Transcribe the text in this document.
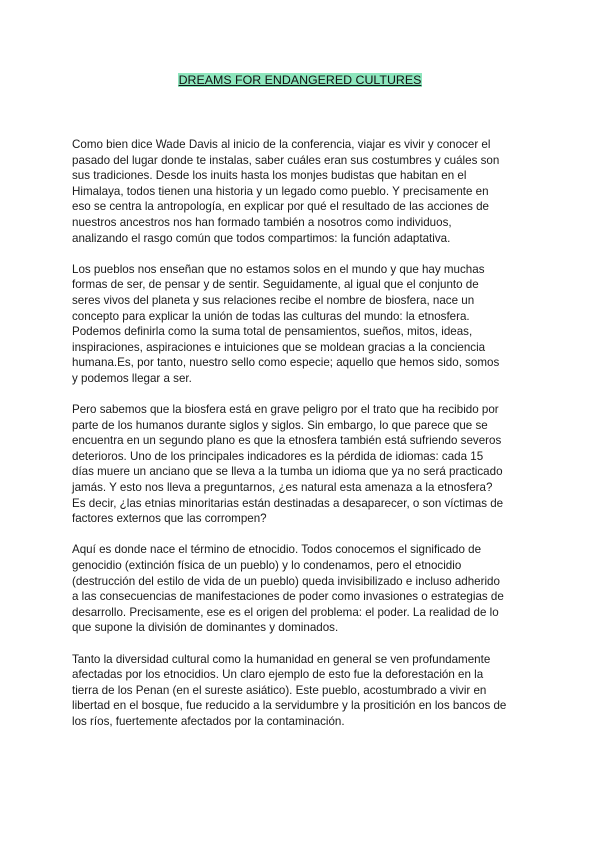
DREAMS FOR ENDANGERED CULTURES

Como bien dice Wade Davis al inicio de la conferencia, viajar es vivir y conocer el
pasado del lugar donde te instalas, saber cuáles eran sus costumbres y cuáles son
sus tradiciones. Desde los inuits hasta los monjes budistas que habitan en el
Himalaya, todos tienen una historia y un legado como pueblo. Y precisamente en
eso se centra la antropología, en explicar por qué el resultado de las acciones de
nuestros ancestros nos han formado también a nosotros como individuos,
analizando el rasgo común que todos compartimos: la función adaptativa.

Los pueblos nos enseñan que no estamos solos en el mundo y que hay muchas
formas de ser, de pensar y de sentir. Seguidamente, al igual que el conjunto de
seres vivos del planeta y sus relaciones recibe el nombre de biosfera, nace un
concepto para explicar la unión de todas las culturas del mundo: la etnosfera.
Podemos definirla como la suma total de pensamientos, sueños, mitos, ideas,
inspiraciones, aspiraciones e intuiciones que se moldean gracias a la conciencia
humana.Es, por tanto, nuestro sello como especie; aquello que hemos sido, somos
y podemos llegar a ser.

Pero sabemos que la biosfera está en grave peligro por el trato que ha recibido por
parte de los humanos durante siglos y siglos. Sin embargo, lo que parece que se
encuentra en un segundo plano es que la etnosfera también está sufriendo severos
deterioros. Uno de los principales indicadores es la pérdida de idiomas: cada 15
días muere un anciano que se lleva a la tumba un idioma que ya no será practicado
jamás. Y esto nos lleva a preguntarnos, ¿es natural esta amenaza a la etnosfera?
Es decir, ¿las etnias minoritarias están destinadas a desaparecer, o son víctimas de
factores externos que las corrompen?

Aquí es donde nace el término de etnocidio. Todos conocemos el significado de
genocidio (extinción física de un pueblo) y lo condenamos, pero el etnocidio
(destrucción del estilo de vida de un pueblo) queda invisibilizado e incluso adherido
a las consecuencias de manifestaciones de poder como invasiones o estrategias de
desarrollo. Precisamente, ese es el origen del problema: el poder. La realidad de lo
que supone la división de dominantes y dominados.

Tanto la diversidad cultural como la humanidad en general se ven profundamente
afectadas por los etnocidios. Un claro ejemplo de esto fue la deforestación en la
tierra de los Penan (en el sureste asiático). Este pueblo, acostumbrado a vivir en
libertad en el bosque, fue reducido a la servidumbre y la prositición en los bancos de
los ríos, fuertemente afectados por la contaminación.
